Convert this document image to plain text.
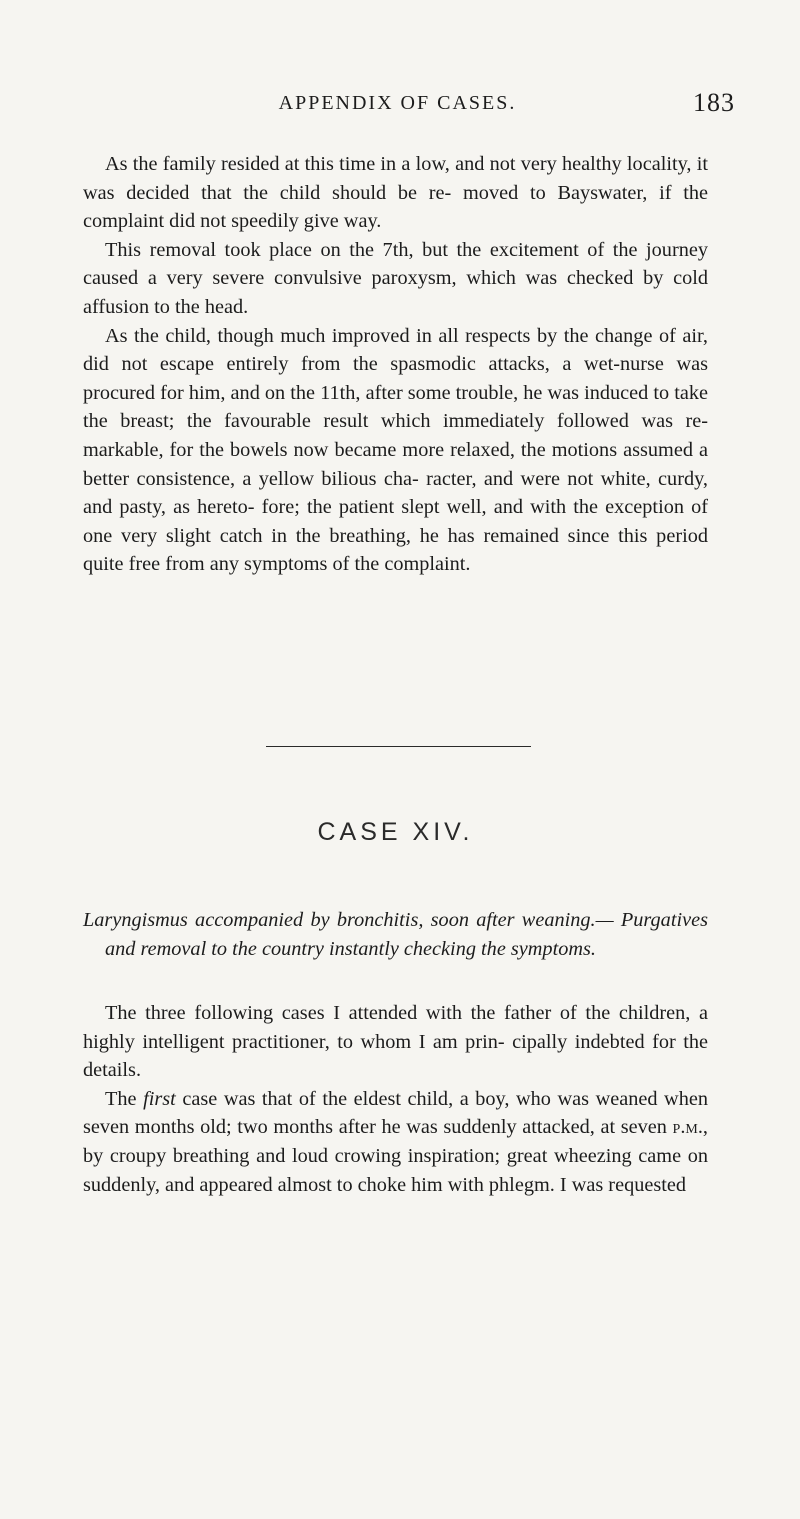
APPENDIX OF CASES.	183

As the family resided at this time in a low, and not very healthy locality, it was decided that the child should be re- moved to Bayswater, if the complaint did not speedily give way.

This removal took place on the 7th, but the excitement of the journey caused a very severe convulsive paroxysm, which was checked by cold affusion to the head.

As the child, though much improved in all respects by the change of air, did not escape entirely from the spasmodic attacks, a wet-nurse was procured for him, and on the 11th, after some trouble, he was induced to take the breast; the favourable result which immediately followed was re- markable, for the bowels now became more relaxed, the motions assumed a better consistence, a yellow bilious cha- racter, and were not white, curdy, and pasty, as hereto- fore; the patient slept well, and with the exception of one very slight catch in the breathing, he has remained since this period quite free from any symptoms of the complaint.

CASE XIV.

Laryngismus accompanied by bronchitis, soon after weaning.— Purgatives and removal to the country instantly checking the symptoms.

The three following cases I attended with the father of the children, a highly intelligent practitioner, to whom I am prin- cipally indebted for the details.

The first case was that of the eldest child, a boy, who was weaned when seven months old; two months after he was suddenly attacked, at seven p.m., by croupy breathing and loud crowing inspiration; great wheezing came on suddenly, and appeared almost to choke him with phlegm. I was requested
